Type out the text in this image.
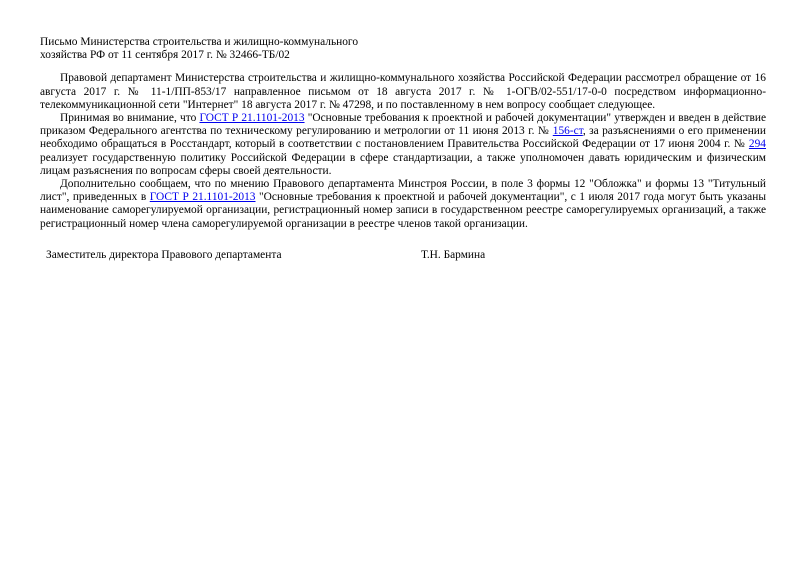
Письмо Министерства строительства и жилищно-коммунального
хозяйства РФ от 11 сентября 2017 г. № 32466-ТБ/02

Правовой департамент Министерства строительства и жилищно-коммунального хозяйства Российской Федерации рассмотрел обращение от 16 августа 2017 г. № 11-1/ПП-853/17 направленное письмом от 18 августа 2017 г. № 1-ОГВ/02-551/17-0-0 посредством информационно-телекоммуникационной сети "Интернет" 18 августа 2017 г. № 47298, и по поставленному в нем вопросу сообщает следующее.

Принимая во внимание, что ГОСТ Р 21.1101-2013 "Основные требования к проектной и рабочей документации" утвержден и введен в действие приказом Федерального агентства по техническому регулированию и метрологии от 11 июня 2013 г. № 156-ст, за разъяснениями о его применении необходимо обращаться в Росстандарт, который в соответствии с постановлением Правительства Российской Федерации от 17 июня 2004 г. № 294 реализует государственную политику Российской Федерации в сфере стандартизации, а также уполномочен давать юридическим и физическим лицам разъяснения по вопросам сферы своей деятельности.

Дополнительно сообщаем, что по мнению Правового департамента Минстроя России, в поле 3 формы 12 "Обложка" и формы 13 "Титульный лист", приведенных в ГОСТ Р 21.1101-2013 "Основные требования к проектной и рабочей документации", с 1 июля 2017 года могут быть указаны наименование саморегулируемой организации, регистрационный номер записи в государственном реестре саморегулируемых организаций, а также регистрационный номер члена саморегулируемой организации в реестре членов такой организации.

Заместитель директора Правового департамента	Т.Н. Бармина
